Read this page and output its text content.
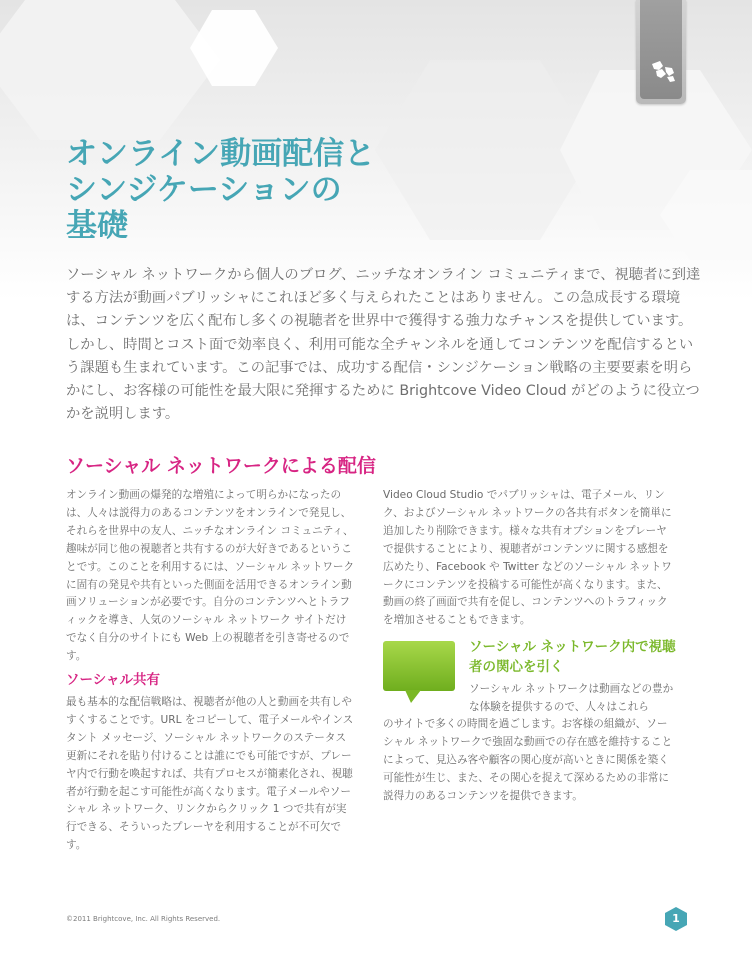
オンライン動画配信と
シンジケーションの
基礎

ソーシャル ネットワークから個人のブログ、ニッチなオンライン コミュニティまで、視聴者に到達する方法が動画パブリッシャにこれほど多く与えられたことはありません。この急成長する環境は、コンテンツを広く配布し多くの視聴者を世界中で獲得する強力なチャンスを提供しています。しかし、時間とコスト面で効率良く、利用可能な全チャンネルを通してコンテンツを配信するという課題も生まれています。この記事では、成功する配信・シンジケーション戦略の主要要素を明らかにし、お客様の可能性を最大限に発揮するために Brightcove Video Cloud がどのように役立つかを説明します。

ソーシャル ネットワークによる配信

オンライン動画の爆発的な増殖によって明らかになったのは、人々は説得力のあるコンテンツをオンラインで発見し、それらを世界中の友人、ニッチなオンライン コミュニティ、趣味が同じ他の視聴者と共有するのが大好きであるということです。このことを利用するには、ソーシャル ネットワークに固有の発見や共有といった側面を活用できるオンライン動画ソリューションが必要です。自分のコンテンツへとトラフィックを導き、人気のソーシャル ネットワーク サイトだけでなく自分のサイトにも Web 上の視聴者を引き寄せるのです。

ソーシャル共有

最も基本的な配信戦略は、視聴者が他の人と動画を共有しやすくすることです。URL をコピーして、電子メールやインスタント メッセージ、ソーシャル ネットワークのステータス更新にそれを貼り付けることは誰にでも可能ですが、プレーヤ内で行動を喚起すれば、共有プロセスが簡素化され、視聴者が行動を起こす可能性が高くなります。電子メールやソーシャル ネットワーク、リンクからクリック 1 つで共有が実行できる、そういったプレーヤを利用することが不可欠です。

Video Cloud Studio でパブリッシャは、電子メール、リンク、およびソーシャル ネットワークの各共有ボタンを簡単に追加したり削除できます。様々な共有オプションをプレーヤで提供することにより、視聴者がコンテンツに関する感想を広めたり、Facebook や Twitter などのソーシャル ネットワークにコンテンツを投稿する可能性が高くなります。また、動画の終了画面で共有を促し、コンテンツへのトラフィックを増加させることもできます。

ソーシャル ネットワーク内で視聴者の関心を引く

ソーシャル ネットワークは動画などの豊かな体験を提供するので、人々はこれら

のサイトで多くの時間を過ごします。お客様の組織が、ソーシャル ネットワークで強固な動画での存在感を維持することによって、見込み客や顧客の関心度が高いときに関係を築く可能性が生じ、また、その関心を捉えて深めるための非常に説得力のあるコンテンツを提供できます。

©2011 Brightcove, Inc. All Rights Reserved.	1
